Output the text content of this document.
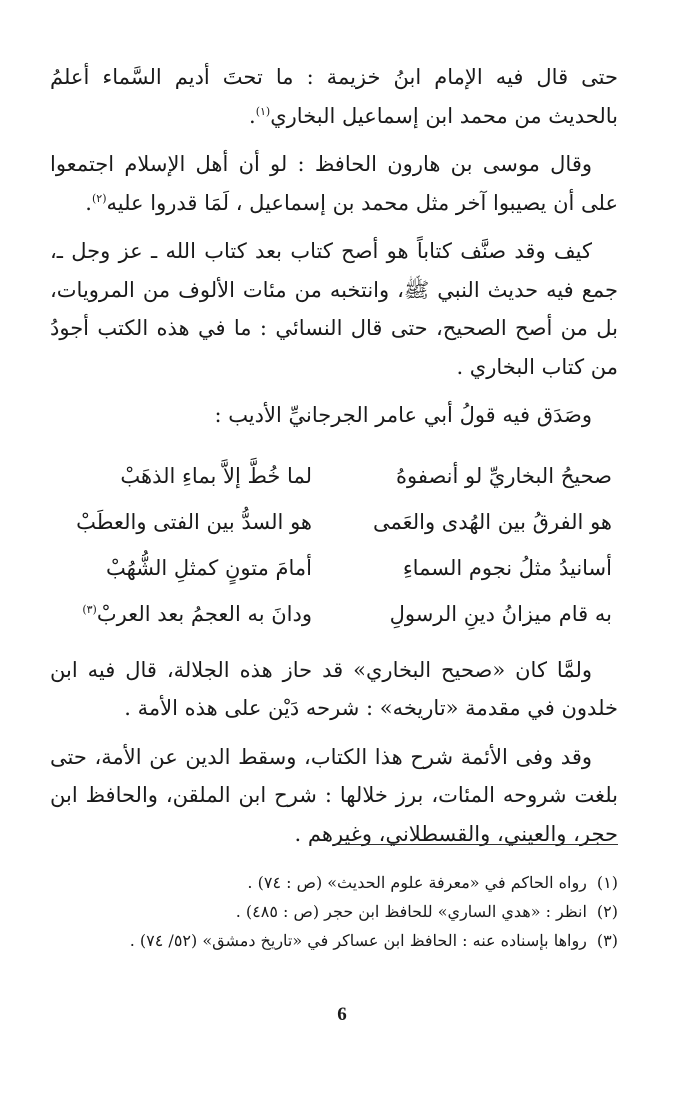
حتى قال فيه الإمام ابنُ خزيمة : ما تحتَ أديم السَّماء أعلمُ بالحديث من محمد ابن إسماعيل البخاري$^{(١)}$.

وقال موسى بن هارون الحافظ : لو أن أهل الإسلام اجتمعوا على أن يصيبوا آخر مثل محمد بن إسماعيل ، لَمَا قدروا عليه$^{(٢)}$.

كيف وقد صنَّف كتاباً هو أصح كتاب بعد كتاب الله ـ عز وجل ـ، جمع فيه حديث النبي ﷺ، وانتخبه من مئات الألوف من المرويات، بل من أصح الصحيح، حتى قال النسائي : ما في هذه الكتب أجودُ من كتاب البخاري .

وصَدَق فيه قولُ أبي عامر الجرجانيِّ الأديب :

صحيحُ البخاريِّ لو أنصفوهُ
لما خُطَّ إلاَّ بماءِ الذهَبْ
هو الفرقُ بين الهُدى والعَمى
هو السدُّ بين الفتى والعطَبْ
أسانيدُ مثلُ نجوم السماءِ
أمامَ متونٍ كمثلِ الشُّهُبْ
به قام ميزانُ دينِ الرسولِ
ودانَ به العجمُ بعد العربْ$^{(٣)}$

ولمَّا كان «صحيح البخاري» قد حاز هذه الجلالة، قال فيه ابن خلدون في مقدمة «تاريخه» : شرحه دَيْن على هذه الأمة .

وقد وفى الأئمة شرح هذا الكتاب، وسقط الدين عن الأمة، حتى بلغت شروحه المئات، برز خلالها : شرح ابن الملقن، والحافظ ابن حجر، والعيني، والقسطلاني، وغيرهم .

(١)رواه الحاكم في «معرفة علوم الحديث» (ص : ٧٤) .
(٢)انظر : «هدي الساري» للحافظ ابن حجر (ص : ٤٨٥) .
(٣)رواها بإسناده عنه : الحافظ ابن عساكر في «تاريخ دمشق» (٥٢/ ٧٤) .
6
